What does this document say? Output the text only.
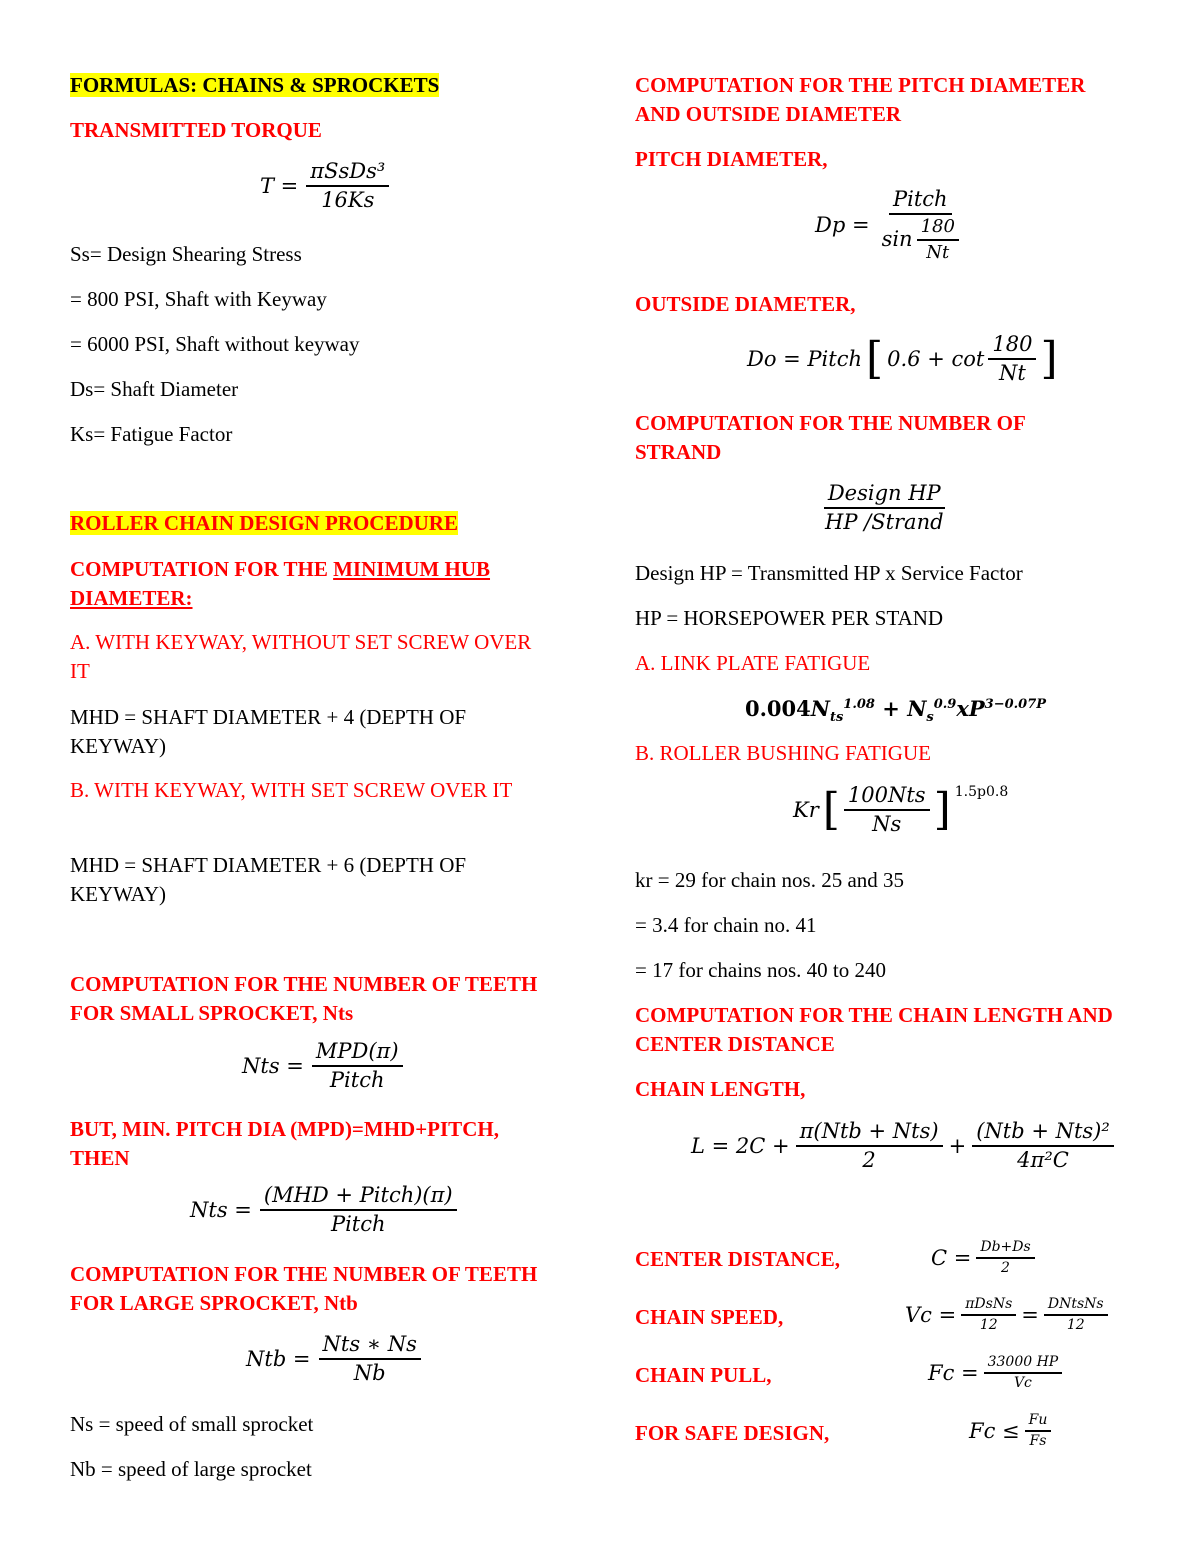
FORMULAS: CHAINS & SPROCKETS
TRANSMITTED TORQUE
$T = \frac{\text{πSsDs³}}{16Ks}$
Ss= Design Shearing Stress
= 800 PSI, Shaft with Keyway
= 6000 PSI, Shaft without keyway
Ds= Shaft Diameter
Ks= Fatigue Factor
ROLLER CHAIN DESIGN PROCEDURE
COMPUTATION FOR THE MINIMUM HUB
DIAMETER:
A. WITH KEYWAY, WITHOUT SET SCREW OVER IT
MHD = SHAFT DIAMETER + 4 (DEPTH OF KEYWAY)
B. WITH KEYWAY, WITH SET SCREW OVER IT
MHD = SHAFT DIAMETER + 6 (DEPTH OF KEYWAY)
COMPUTATION FOR THE NUMBER OF TEETH FOR SMALL SPROCKET, Nts
Nts = $\frac{\text{MPD(π)}}{\text{Pitch}}$
BUT, MIN. PITCH DIA (MPD)=MHD+PITCH, THEN
Nts = $\frac{\text{(MHD + Pitch)(π)}}{\text{Pitch}}$
COMPUTATION FOR THE NUMBER OF TEETH FOR LARGE SPROCKET, Ntb
Ntb = $\frac{\text{Nts ∗ Ns}}{Nb}$
Ns = speed of small sprocket
Nb = speed of large sprocket
COMPUTATION FOR THE PITCH DIAMETER AND OUTSIDE DIAMETER
PITCH DIAMETER,
$Dp = \frac{\text{Pitch}}{\sin \frac{180}{Nt}}$
OUTSIDE DIAMETER,
Do = Pitch [ $0.6 + \cot \frac{180}{Nt}$ ]
COMPUTATION FOR THE NUMBER OF STRAND
$\frac{\text{Design HP}}{\text{HP /Strand}}$
Design HP = Transmitted HP x Service Factor
HP = HORSEPOWER PER STAND
A. LINK PLATE FATIGUE
$0.004N_{ts}^{1.08} + N_s^{0.9}xP^{3-0.07P}$
B. ROLLER BUSHING FATIGUE
Kr [ $\frac{\text{100Nts}}{Ns}$ ] 1.5p0.8
kr = 29 for chain nos. 25 and 35
= 3.4 for chain no. 41
= 17 for chains nos. 40 to 240
COMPUTATION FOR THE CHAIN LENGTH AND CENTER DISTANCE
CHAIN LENGTH,
$L = 2C + \frac{\text{π(Ntb + Nts)}}{2} + \frac{\text{(Ntb + Nts)²}}{\text{4π²C}}$
CENTER DISTANCE,	$C = \frac{Db+Ds}{2}$
CHAIN SPEED,	$Vc = \frac{\text{πDsNs}}{12} = \frac{\text{DNtsNs}}{12}$
CHAIN PULL,	$Fc = \frac{33000 HP}{Vc}$
FOR SAFE DESIGN,	$Fc \le \frac{Fu}{Fs}$
